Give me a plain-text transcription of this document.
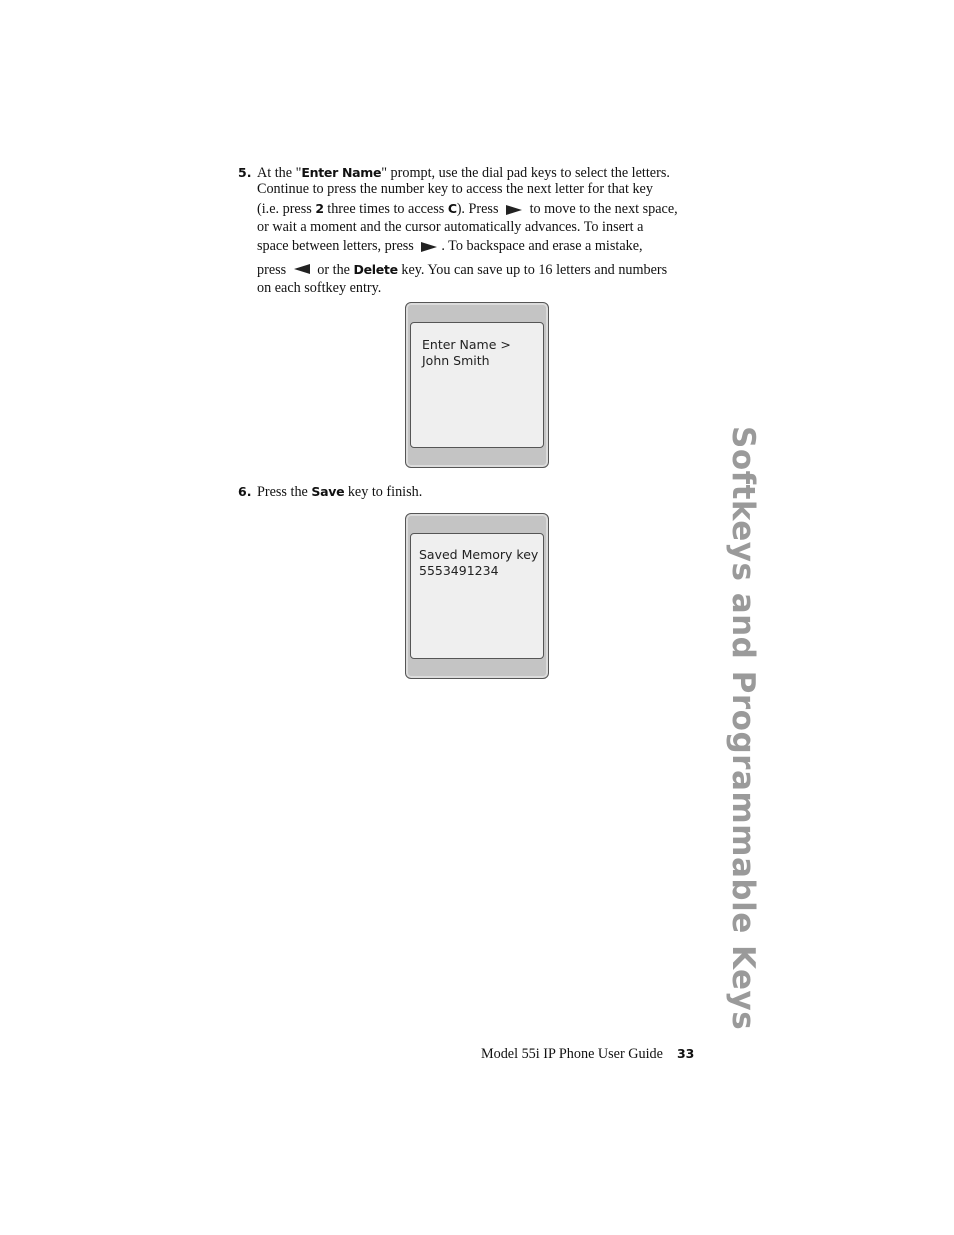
5. At the "Enter Name" prompt, use the dial pad keys to select the letters.
Continue to press the number key to access the next letter for that key
(i.e. press 2 three times to access C). Press  to move to the next space,
or wait a moment and the cursor automatically advances. To insert a
space between letters, press . To backspace and erase a mistake,
press  or the Delete key. You can save up to 16 letters and numbers
on each softkey entry.
Enter Name >
John Smith
6. Press the Save key to finish.
Saved Memory key
5553491234	Softkeys and Programmable Keys
Model 55i IP Phone User Guide 33
